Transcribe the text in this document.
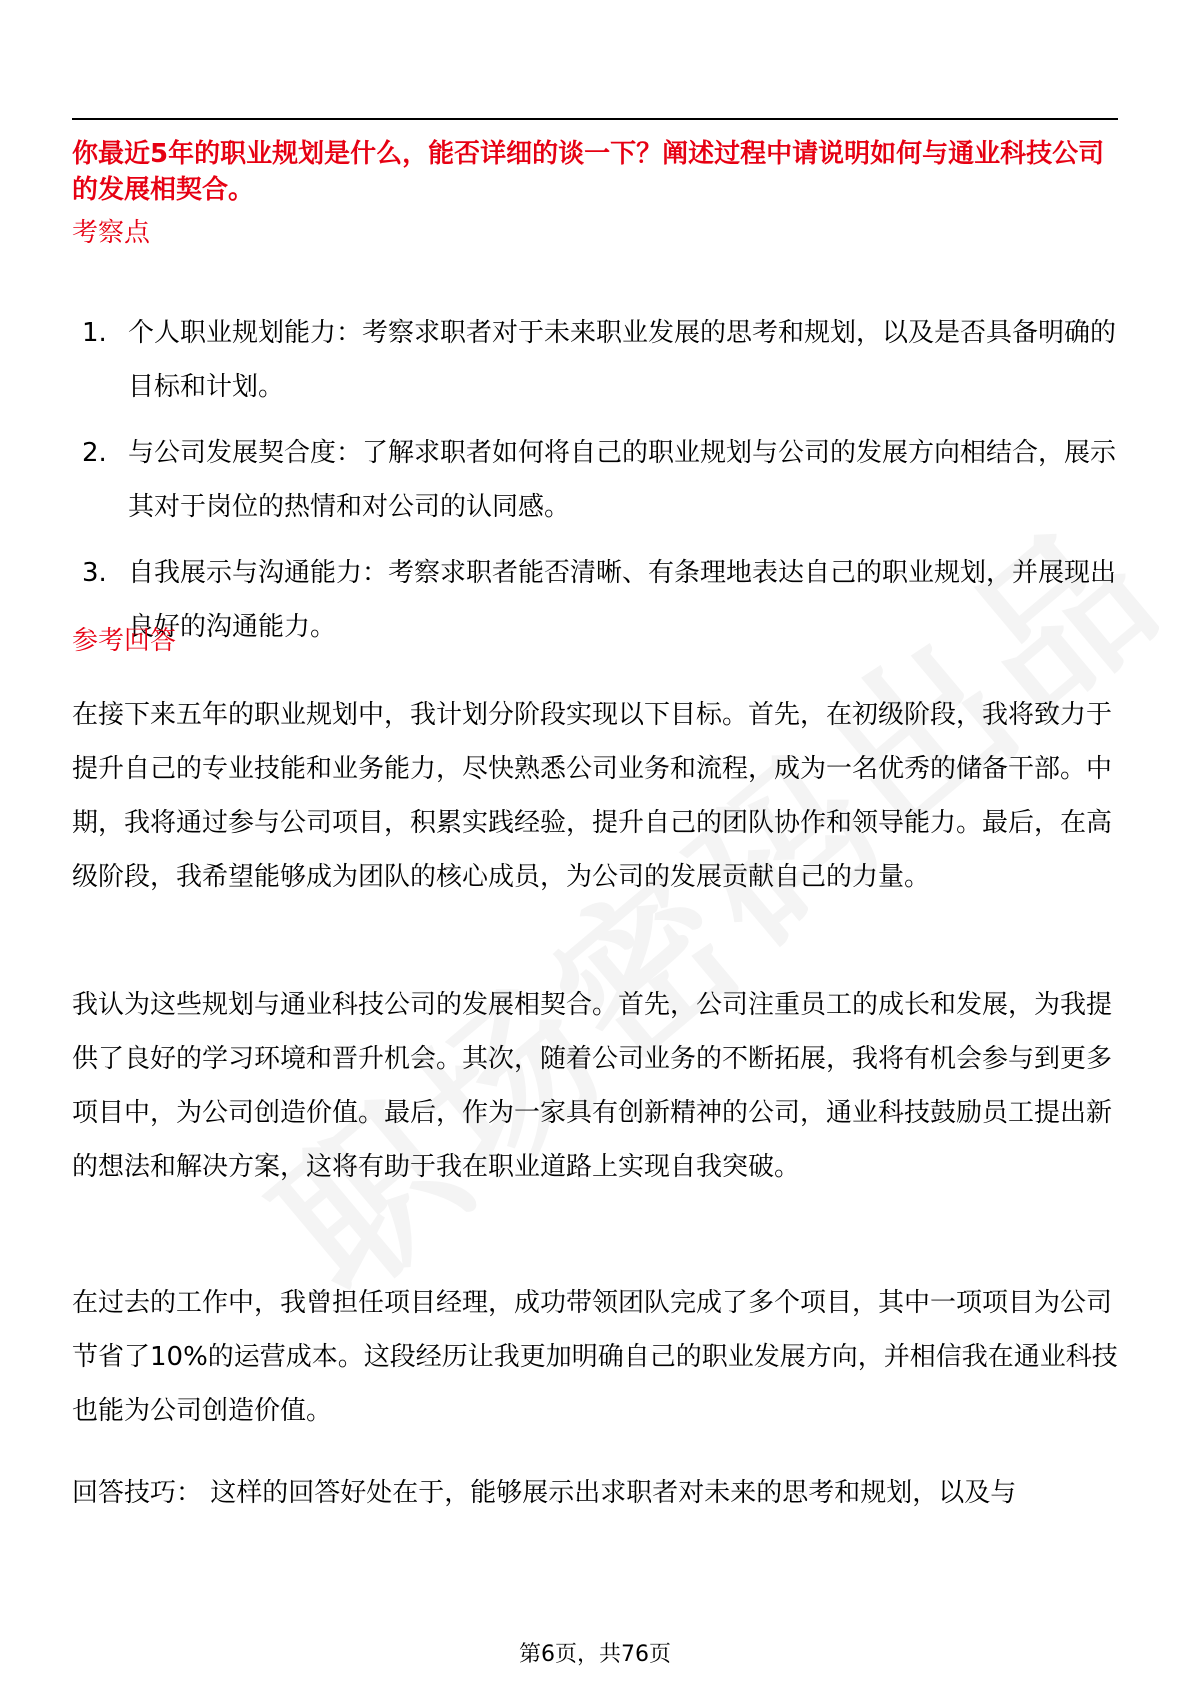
你最近5年的职业规划是什么，能否详细的谈一下？阐述过程中请说明如何与通业科技公司的发展相契合。
考察点
1. 个人职业规划能力：考察求职者对于未来职业发展的思考和规划，以及是否具备明确的目标和计划。
2. 与公司发展契合度：了解求职者如何将自己的职业规划与公司的发展方向相结合，展示其对于岗位的热情和对公司的认同感。
3. 自我展示与沟通能力：考察求职者能否清晰、有条理地表达自己的职业规划，并展现出良好的沟通能力。
参考回答

在接下来五年的职业规划中，我计划分阶段实现以下目标。首先，在初级阶段，我将致力于提升自己的专业技能和业务能力，尽快熟悉公司业务和流程，成为一名优秀的储备干部。中期，我将通过参与公司项目，积累实践经验，提升自己的团队协作和领导能力。最后，在高级阶段，我希望能够成为团队的核心成员，为公司的发展贡献自己的力量。

我认为这些规划与通业科技公司的发展相契合。首先，公司注重员工的成长和发展，为我提供了良好的学习环境和晋升机会。其次，随着公司业务的不断拓展，我将有机会参与到更多项目中，为公司创造价值。最后，作为一家具有创新精神的公司，通业科技鼓励员工提出新的想法和解决方案，这将有助于我在职业道路上实现自我突破。

在过去的工作中，我曾担任项目经理，成功带领团队完成了多个项目，其中一项项目为公司节省了10%的运营成本。这段经历让我更加明确自己的职业发展方向，并相信我在通业科技也能为公司创造价值。

回答技巧： 这样的回答好处在于，能够展示出求职者对未来的思考和规划，以及与

第6页，共76页
